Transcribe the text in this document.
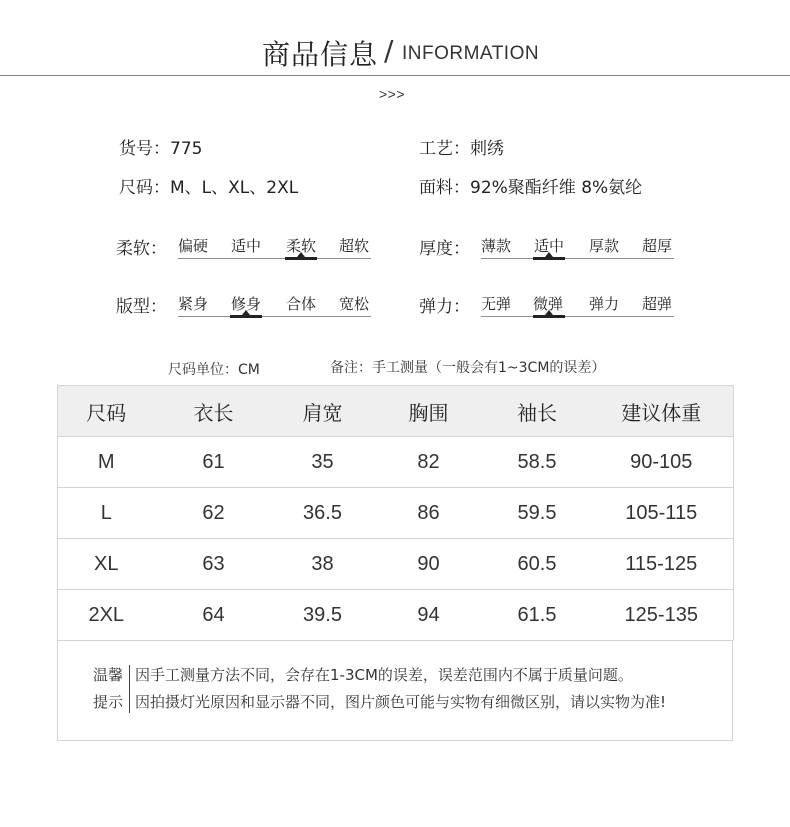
商品信息 / INFORMATION
>>>
货号：775	工艺：刺绣
尺码：M、L、XL、2XL	面料：92%聚酯纤维 8%氨纶
柔软： 偏硬 适中 柔软 超软	厚度： 薄款 适中 厚款 超厚
版型： 紧身 修身 合体 宽松	弹力： 无弹 微弹 弹力 超弹
尺码单位：CM	备注：手工测量（一般会有1~3CM的误差）
尺码	衣长	肩宽	胸围	袖长	建议体重
M	61	35	82	58.5	90-105
L	62	36.5	86	59.5	105-115
XL	63	38	90	60.5	115-125
2XL	64	39.5	94	61.5	125-135
温馨
提示
因手工测量方法不同，会存在1-3CM的误差，误差范围内不属于质量问题。
因拍摄灯光原因和显示器不同，图片颜色可能与实物有细微区别，请以实物为准!
